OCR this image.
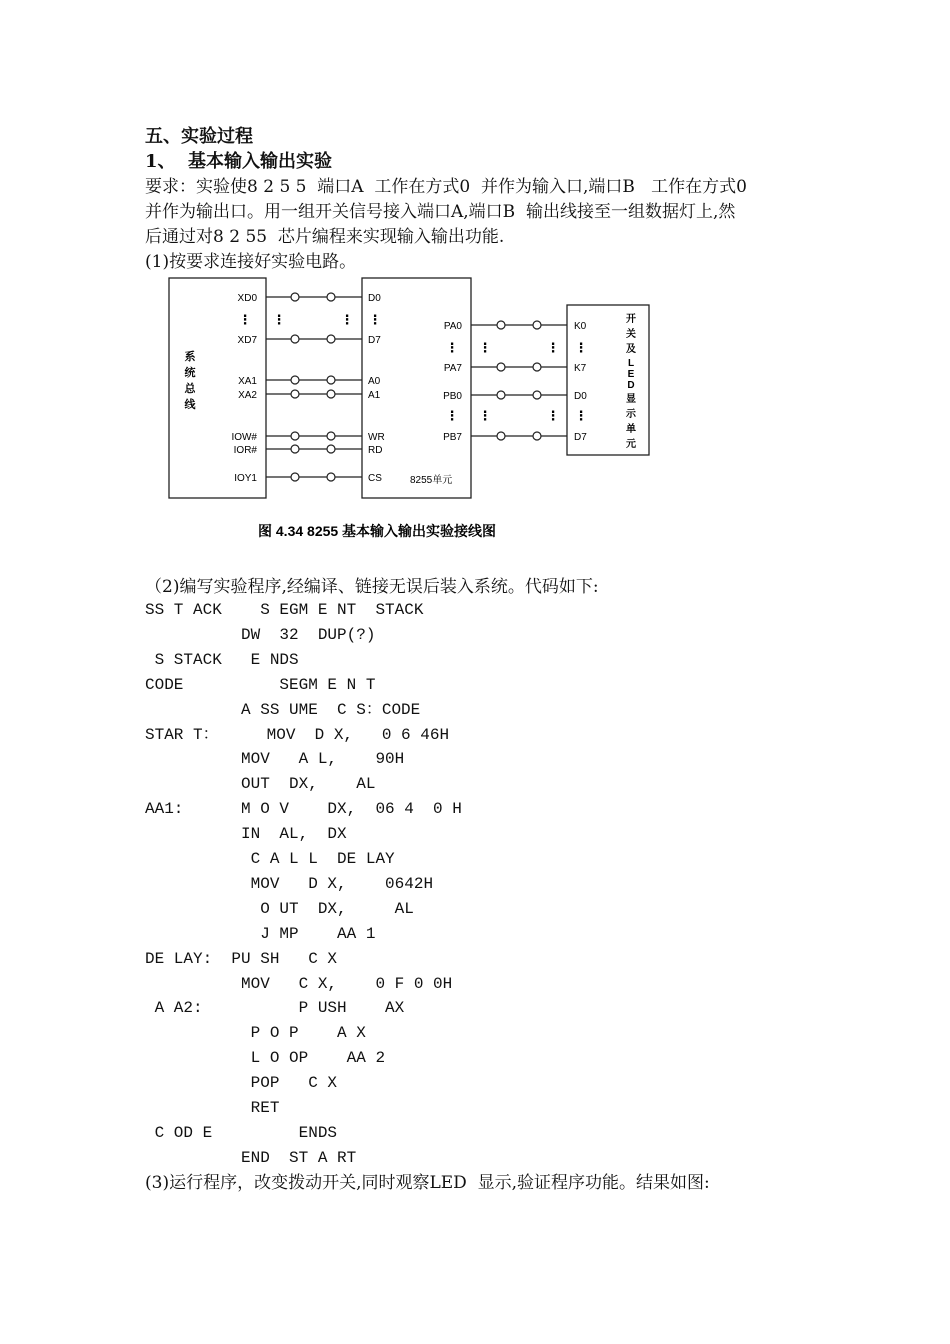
五、实验过程
1、  基本输入输出实验
要求：实验使8 2 5 5  端口A  工作在方式0  并作为输入口,端口B   工作在方式0
并作为输出口。用一组开关信号接入端口A,端口B  输出线接至一组数据灯上,然
后通过对8 2 55  芯片编程来实现输入输出功能.
(1)按要求连接好实验电路。
系
统
总
线
XD0
XD7
XA1
XA2
IOW#
IOR#
IOY1
D0
D7
A0
A1
WR
RD
CS	8255单元
PA0
PA7
PB0
PB7
K0
K7
D0
D7
开
关
及
L
E
D
显
示
单
元
⋮ ⋮	⋮ ⋮
⋮ ⋮	⋮ ⋮
⋮ ⋮	⋮ ⋮
图 4.34 8255 基本输入输出实验接线图
（2)编写实验程序,经编译、链接无误后装入系统。代码如下:
SS T ACK    S EGM E NT  STACK
DW  32  DUP(?)
S STACK   E NDS
CODE          SEGM E N T
A SS UME  C S：CODE
STAR T：     MOV  D X,   0 6 46H
MOV   A L,    90H
OUT  DX,    AL
AA1:      M O V    DX,  06 4  0 H
IN  AL,  DX
C A L L  DE LAY
MOV   D X,    0642H
O UT  DX,     AL
J MP    AA 1
DE LAY:  PU SH   C X
MOV   C X,    0 F 0 0H
A A2:          P USH    AX
P O P    A X
L O OP    AA 2
POP   C X
RET
C OD E         ENDS
END  ST A RT
(3)运行程序，改变拨动开关,同时观察LED  显示,验证程序功能。结果如图:
